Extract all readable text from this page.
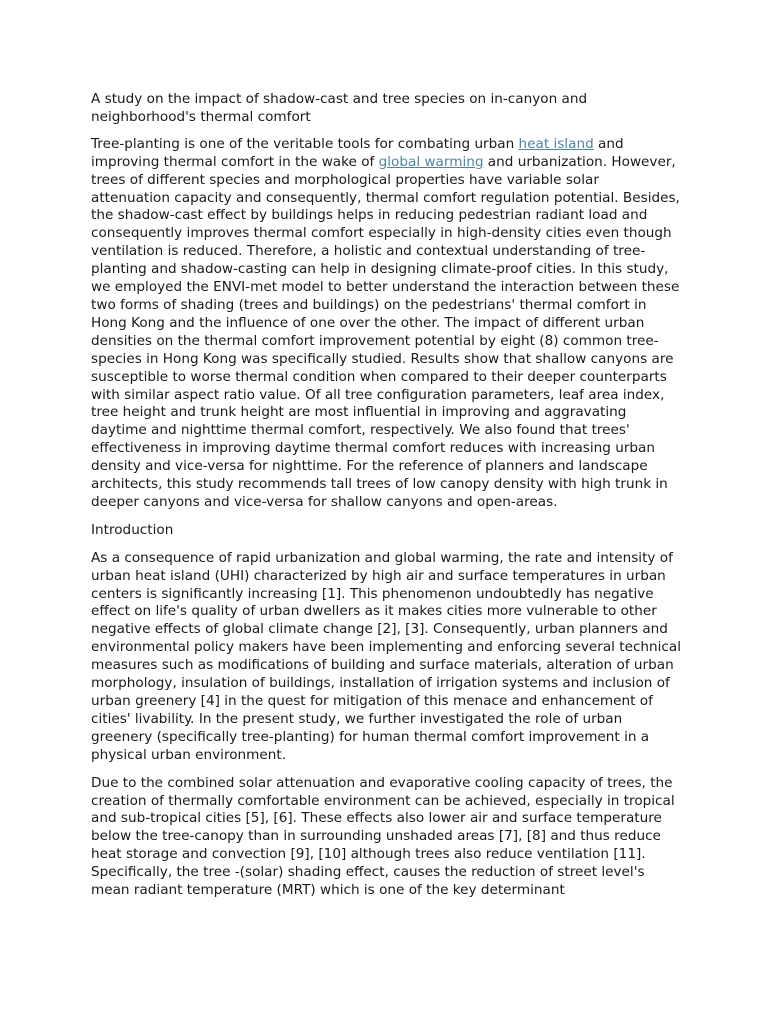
A study on the impact of shadow-cast and tree species on in-canyon and neighborhood's thermal comfort

Tree-planting is one of the veritable tools for combating urban heat island and improving thermal comfort in the wake of global warming and urbanization. However, trees of different species and morphological properties have variable solar attenuation capacity and consequently, thermal comfort regulation potential. Besides, the shadow-cast effect by buildings helps in reducing pedestrian radiant load and consequently improves thermal comfort especially in high-density cities even though ventilation is reduced. Therefore, a holistic and contextual understanding of tree-planting and shadow-casting can help in designing climate-proof cities. In this study, we employed the ENVI-met model to better understand the interaction between these two forms of shading (trees and buildings) on the pedestrians' thermal comfort in Hong Kong and the influence of one over the other. The impact of different urban densities on the thermal comfort improvement potential by eight (8) common tree-species in Hong Kong was specifically studied. Results show that shallow canyons are susceptible to worse thermal condition when compared to their deeper counterparts with similar aspect ratio value. Of all tree configuration parameters, leaf area index, tree height and trunk height are most influential in improving and aggravating daytime and nighttime thermal comfort, respectively. We also found that trees' effectiveness in improving daytime thermal comfort reduces with increasing urban density and vice-versa for nighttime. For the reference of planners and landscape architects, this study recommends tall trees of low canopy density with high trunk in deeper canyons and vice-versa for shallow canyons and open-areas.

Introduction

As a consequence of rapid urbanization and global warming, the rate and intensity of urban heat island (UHI) characterized by high air and surface temperatures in urban centers is significantly increasing [1]. This phenomenon undoubtedly has negative effect on life's quality of urban dwellers as it makes cities more vulnerable to other negative effects of global climate change [2], [3]. Consequently, urban planners and environmental policy makers have been implementing and enforcing several technical measures such as modifications of building and surface materials, alteration of urban morphology, insulation of buildings, installation of irrigation systems and inclusion of urban greenery [4] in the quest for mitigation of this menace and enhancement of cities' livability. In the present study, we further investigated the role of urban greenery (specifically tree-planting) for human thermal comfort improvement in a physical urban environment.

Due to the combined solar attenuation and evaporative cooling capacity of trees, the creation of thermally comfortable environment can be achieved, especially in tropical and sub-tropical cities [5], [6]. These effects also lower air and surface temperature below the tree-canopy than in surrounding unshaded areas [7], [8] and thus reduce heat storage and convection [9], [10] although trees also reduce ventilation [11]. Specifically, the tree -(solar) shading effect, causes the reduction of street level's mean radiant temperature (MRT) which is one of the key determinant
